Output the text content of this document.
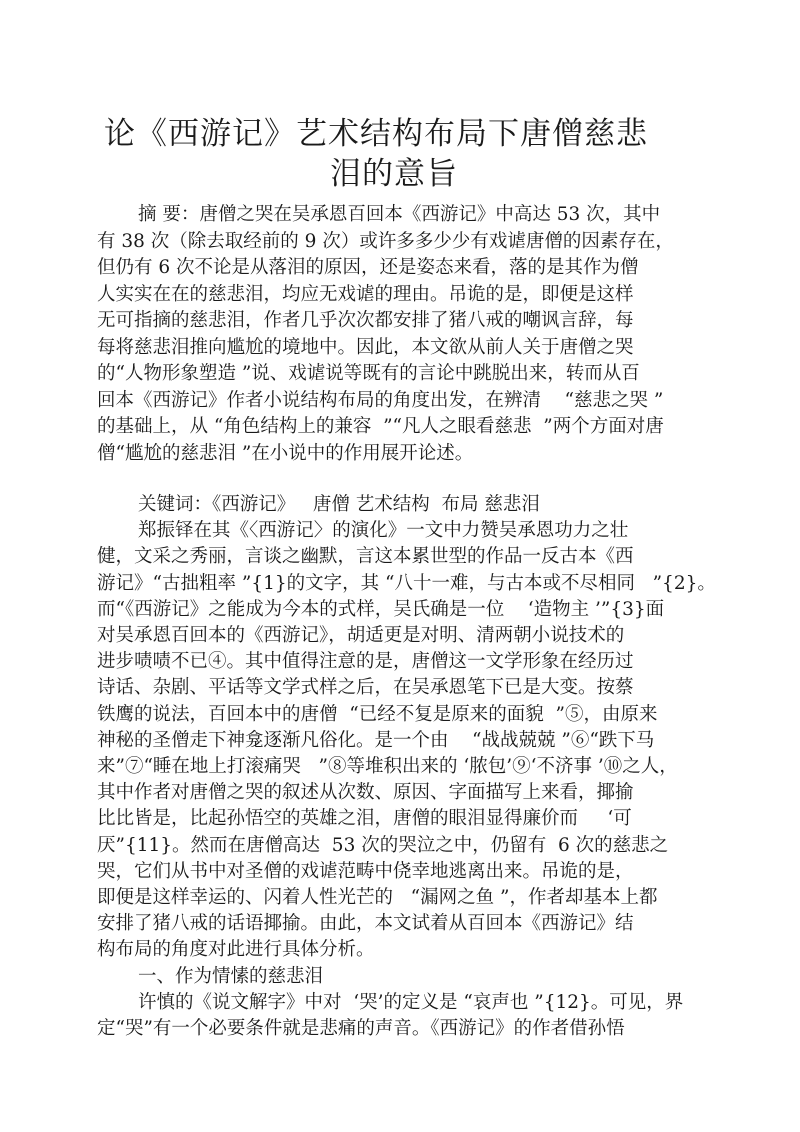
论《西游记》艺术结构布局下唐僧慈悲
泪的意旨
摘 要：唐僧之哭在吴承恩百回本《西游记》中高达 53 次，其中
有 38 次（除去取经前的 9 次）或许多多少少有戏谑唐僧的因素存在，
但仍有 6 次不论是从落泪的原因，还是姿态来看，落的是其作为僧
人实实在在的慈悲泪，均应无戏谑的理由。吊诡的是，即便是这样
无可指摘的慈悲泪，作者几乎次次都安排了猪八戒的嘲讽言辞，每
每将慈悲泪推向尴尬的境地中。因此，本文欲从前人关于唐僧之哭
的“人物形象塑造 ”说、戏谑说等既有的言论中跳脱出来，转而从百
回本《西游记》作者小说结构布局的角度出发，在辨清    “慈悲之哭 ”
的基础上，从 “角色结构上的兼容  ”“凡人之眼看慈悲  ”两个方面对唐
僧“尴尬的慈悲泪 ”在小说中的作用展开论述。
关键词：《西游记》   唐僧 艺术结构  布局 慈悲泪
郑振铎在其《〈西游记〉的演化》一文中力赞吴承恩功力之壮
健，文采之秀丽，言谈之幽默，言这本累世型的作品一反古本《西
游记》“古拙粗率 ”{1}的文字，其 “八十一难，与古本或不尽相同   ”{2}。
而“《西游记》之能成为今本的式样，吴氏确是一位    ‘造物主 ’”{3}面
对吴承恩百回本的《西游记》，胡适更是对明、清两朝小说技术的
进步啧啧不已④。其中值得注意的是，唐僧这一文学形象在经历过
诗话、杂剧、平话等文学式样之后，在吴承恩笔下已是大变。按蔡
铁鹰的说法，百回本中的唐僧  “已经不复是原来的面貌  ”⑤，由原来
神秘的圣僧走下神龛逐渐凡俗化。是一个由    “战战兢兢 ”⑥“跌下马
来”⑦“睡在地上打滚痛哭   ”⑧等堆积出来的 ‘脓包’⑨‘不济事 ’⑩之人，
其中作者对唐僧之哭的叙述从次数、原因、字面描写上来看，揶揄
比比皆是，比起孙悟空的英雄之泪，唐僧的眼泪显得廉价而     ‘可
厌”{11}。然而在唐僧高达  53 次的哭泣之中，仍留有  6 次的慈悲之
哭，它们从书中对圣僧的戏谑范畴中侥幸地逃离出来。吊诡的是，
即便是这样幸运的、闪着人性光芒的   “漏网之鱼 ”，作者却基本上都
安排了猪八戒的话语揶揄。由此，本文试着从百回本《西游记》结
构布局的角度对此进行具体分析。
一、作为情愫的慈悲泪
许慎的《说文解字》中对  ‘哭’的定义是 “哀声也 ”{12}。可见，界
定“哭”有一个必要条件就是悲痛的声音。《西游记》的作者借孙悟
